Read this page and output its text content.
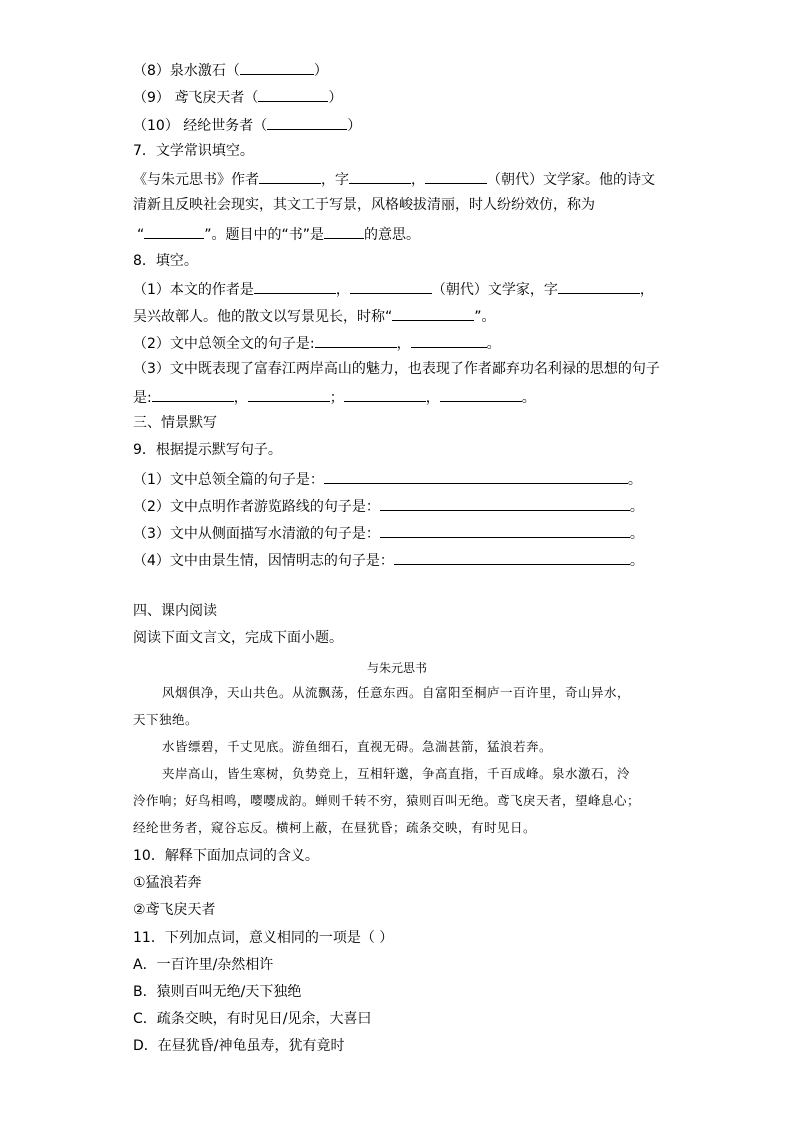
（8）泉水激石（	）
（9） 鸢飞戾天者（	）
（10） 经纶世务者（	）
7．文学常识填空。
《与朱元思书》作者	，字	，	（朝代）文学家。他的诗文
清新且反映社会现实，其文工于写景，风格峻拔清丽，时人纷纷效仿，称为
“	”。题目中的“书”是	的意思。
8．填空。
（1）本文的作者是	，	（朝代）文学家，字	，
吴兴故鄣人。他的散文以写景见长，时称“	”。
（2）文中总领全文的句子是:	，	。
（3）文中既表现了富春江两岸高山的魅力，也表现了作者鄙弃功名利禄的思想的句子
是:	，	；	，	。
三、情景默写
9．根据提示默写句子。
（1）文中总领全篇的句子是：	。
（2）文中点明作者游览路线的句子是：	。
（3）文中从侧面描写水清澈的句子是：	。
（4）文中由景生情，因情明志的句子是：	。
四、课内阅读
阅读下面文言文，完成下面小题。
与朱元思书
风烟俱净，天山共色。从流飘荡，任意东西。自富阳至桐庐一百许里，奇山异水，
天下独绝。
水皆缥碧，千丈见底。游鱼细石，直视无碍。急湍甚箭，猛浪若奔。
夹岸高山，皆生寒树，负势竞上，互相轩邈，争高直指，千百成峰。泉水激石，泠
泠作响；好鸟相鸣，嘤嘤成韵。蝉则千转不穷，猿则百叫无绝。鸢飞戾天者，望峰息心；
经纶世务者，窥谷忘反。横柯上蔽，在昼犹昏；疏条交映，有时见日。
10．解释下面加点词的含义。
①猛浪若奔
②鸢飞戾天者
11．下列加点词，意义相同的一项是（ ）
A．一百许里/杂然相许
B．猿则百叫无绝/天下独绝
C．疏条交映，有时见日/见余，大喜曰
D．在昼犹昏/神龟虽寿，犹有竟时
